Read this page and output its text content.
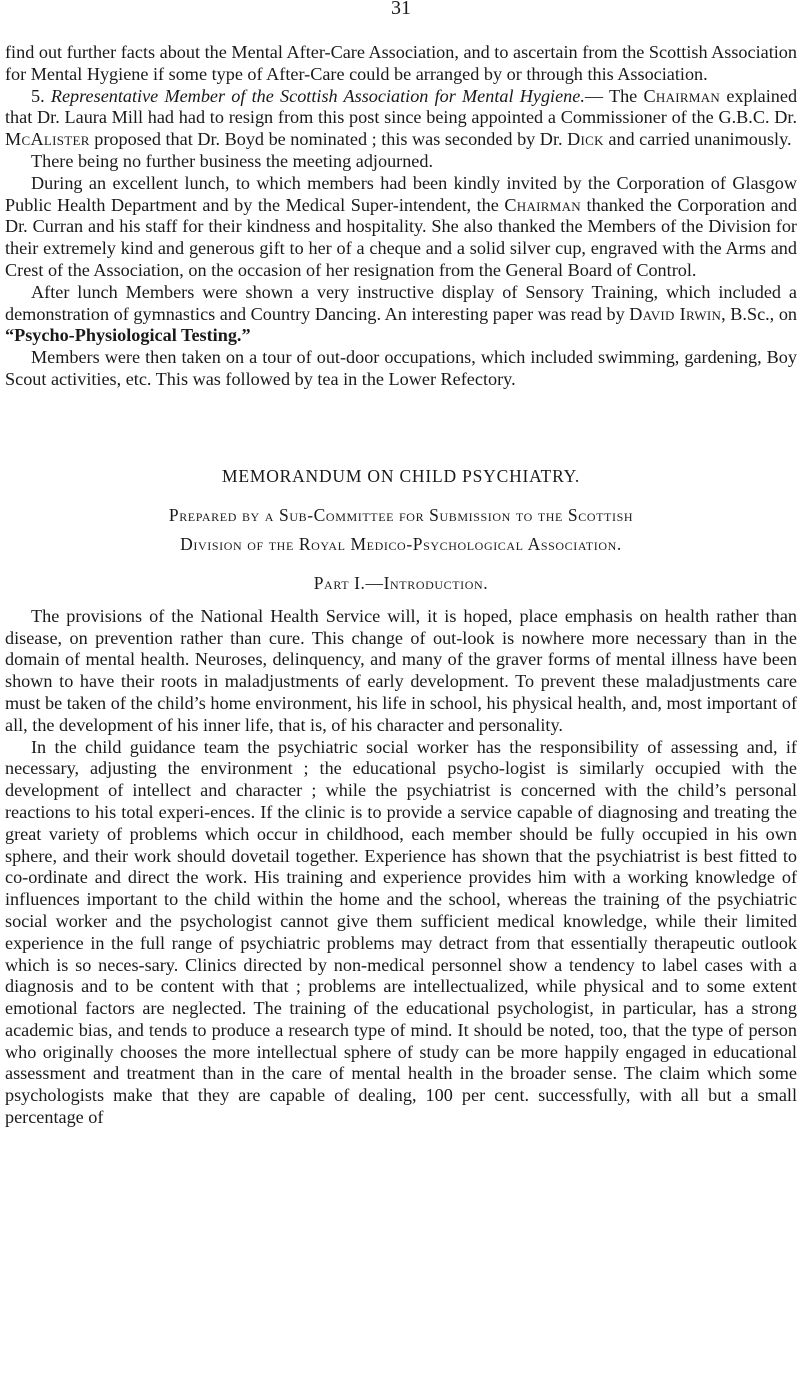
31

find out further facts about the Mental After-Care Association, and to ascertain from the Scottish Association for Mental Hygiene if some type of After-Care could be arranged by or through this Association.

5. Representative Member of the Scottish Association for Mental Hygiene.— The Chairman explained that Dr. Laura Mill had had to resign from this post since being appointed a Commissioner of the G.B.C. Dr. McAlister proposed that Dr. Boyd be nominated ; this was seconded by Dr. Dick and carried unanimously.

There being no further business the meeting adjourned.

During an excellent lunch, to which members had been kindly invited by the Corporation of Glasgow Public Health Department and by the Medical Super-intendent, the Chairman thanked the Corporation and Dr. Curran and his staff for their kindness and hospitality. She also thanked the Members of the Division for their extremely kind and generous gift to her of a cheque and a solid silver cup, engraved with the Arms and Crest of the Association, on the occasion of her resignation from the General Board of Control.

After lunch Members were shown a very instructive display of Sensory Training, which included a demonstration of gymnastics and Country Dancing. An interesting paper was read by David Irwin, B.Sc., on “Psycho-Physiological Testing.”

Members were then taken on a tour of out-door occupations, which included swimming, gardening, Boy Scout activities, etc. This was followed by tea in the Lower Refectory.

MEMORANDUM ON CHILD PSYCHIATRY.
Prepared by a Sub-Committee for Submission to the Scottish
Division of the Royal Medico-Psychological Association.
Part I.—Introduction.

The provisions of the National Health Service will, it is hoped, place emphasis on health rather than disease, on prevention rather than cure. This change of out-look is nowhere more necessary than in the domain of mental health. Neuroses, delinquency, and many of the graver forms of mental illness have been shown to have their roots in maladjustments of early development. To prevent these maladjustments care must be taken of the child’s home environment, his life in school, his physical health, and, most important of all, the development of his inner life, that is, of his character and personality.

In the child guidance team the psychiatric social worker has the responsibility of assessing and, if necessary, adjusting the environment ; the educational psycho-logist is similarly occupied with the development of intellect and character ; while the psychiatrist is concerned with the child’s personal reactions to his total experi-ences. If the clinic is to provide a service capable of diagnosing and treating the great variety of problems which occur in childhood, each member should be fully occupied in his own sphere, and their work should dovetail together. Experience has shown that the psychiatrist is best fitted to co-ordinate and direct the work. His training and experience provides him with a working knowledge of influences important to the child within the home and the school, whereas the training of the psychiatric social worker and the psychologist cannot give them sufficient medical knowledge, while their limited experience in the full range of psychiatric problems may detract from that essentially therapeutic outlook which is so neces-sary. Clinics directed by non-medical personnel show a tendency to label cases with a diagnosis and to be content with that ; problems are intellectualized, while physical and to some extent emotional factors are neglected. The training of the educational psychologist, in particular, has a strong academic bias, and tends to produce a research type of mind. It should be noted, too, that the type of person who originally chooses the more intellectual sphere of study can be more happily engaged in educational assessment and treatment than in the care of mental health in the broader sense. The claim which some psychologists make that they are capable of dealing, 100 per cent. successfully, with all but a small percentage of
